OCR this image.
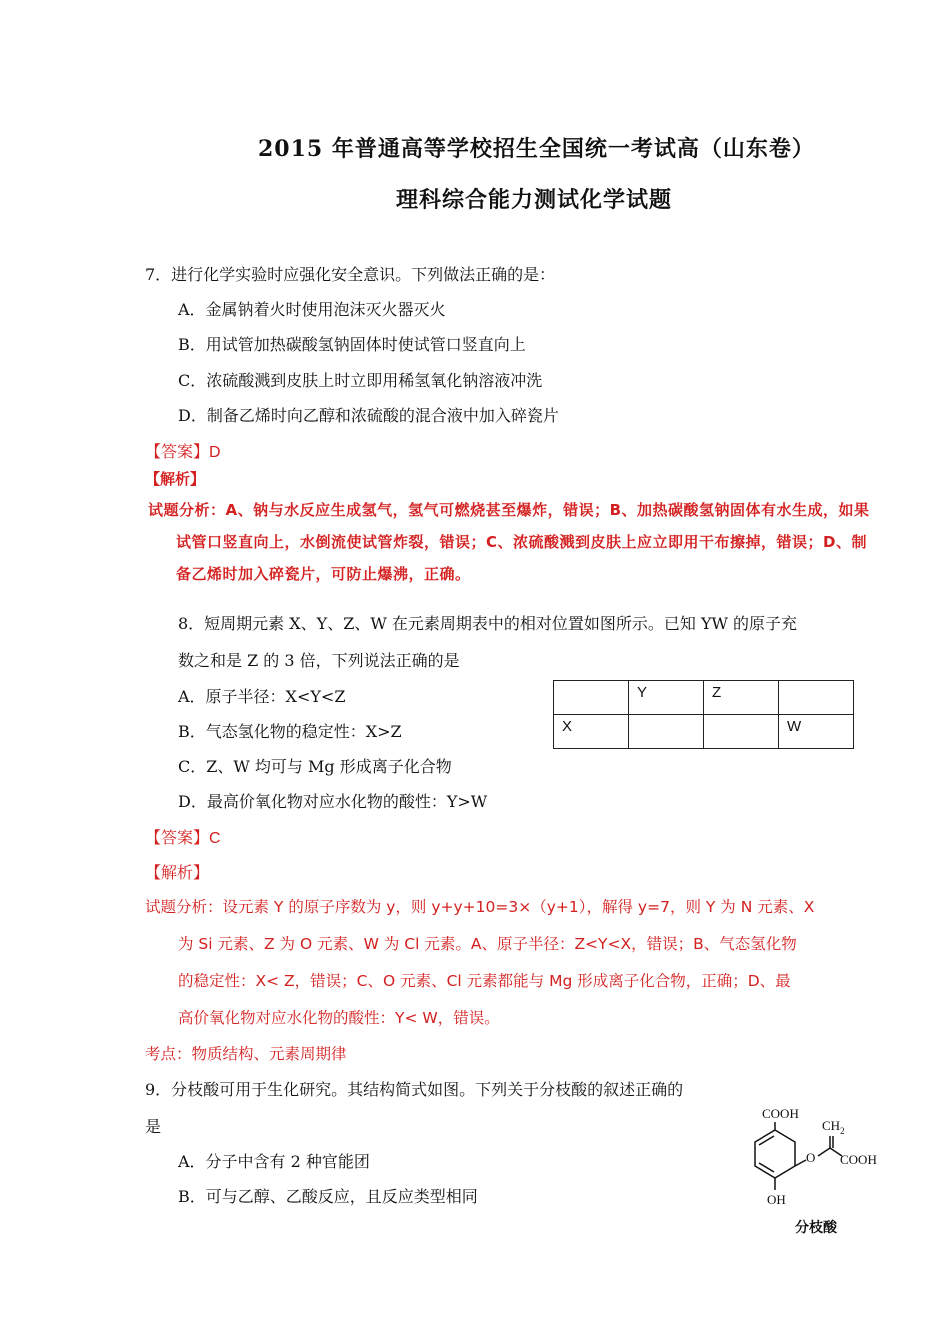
2015 年普通高等学校招生全国统一考试高（山东卷）
理科综合能力测试化学试题
7．进行化学实验时应强化安全意识。下列做法正确的是：
A．金属钠着火时使用泡沫灭火器灭火
B．用试管加热碳酸氢钠固体时使试管口竖直向上
C．浓硫酸溅到皮肤上时立即用稀氢氧化钠溶液冲洗
D．制备乙烯时向乙醇和浓硫酸的混合液中加入碎瓷片
【答案】D
【解析】
试题分析：A、钠与水反应生成氢气，氢气可燃烧甚至爆炸，错误；B、加热碳酸氢钠固体有水生成，如果
试管口竖直向上，水倒流使试管炸裂，错误；C、浓硫酸溅到皮肤上应立即用干布擦掉，错误；D、制
备乙烯时加入碎瓷片，可防止爆沸，正确。
8．短周期元素 X、Y、Z、W 在元素周期表中的相对位置如图所示。已知 YW 的原子充
数之和是 Z 的 3 倍，下列说法正确的是
A．原子半径：X<Y<Z
B．气态氢化物的稳定性：X>Z
C．Z、W 均可与 Mg 形成离子化合物
D．最高价氧化物对应水化物的酸性：Y>W
	Y	Z	
X			W
【答案】C
【解析】
试题分析：设元素 Y 的原子序数为 y，则 y+y+10=3×（y+1），解得 y=7，则 Y 为 N 元素、X
为 Si 元素、Z 为 O 元素、W 为 Cl 元素。A、原子半径：Z<Y<X，错误；B、气态氢化物
的稳定性：X< Z，错误；C、O 元素、Cl 元素都能与 Mg 形成离子化合物，正确；D、最
高价氧化物对应水化物的酸性：Y< W，错误。
考点：物质结构、元素周期律
9．分枝酸可用于生化研究。其结构简式如图。下列关于分枝酸的叙述正确的
是
A．分子中含有 2 种官能团
B．可与乙醇、乙酸反应，且反应类型相同
COOH
$CH_2$
O COOH
OH
分枝酸
